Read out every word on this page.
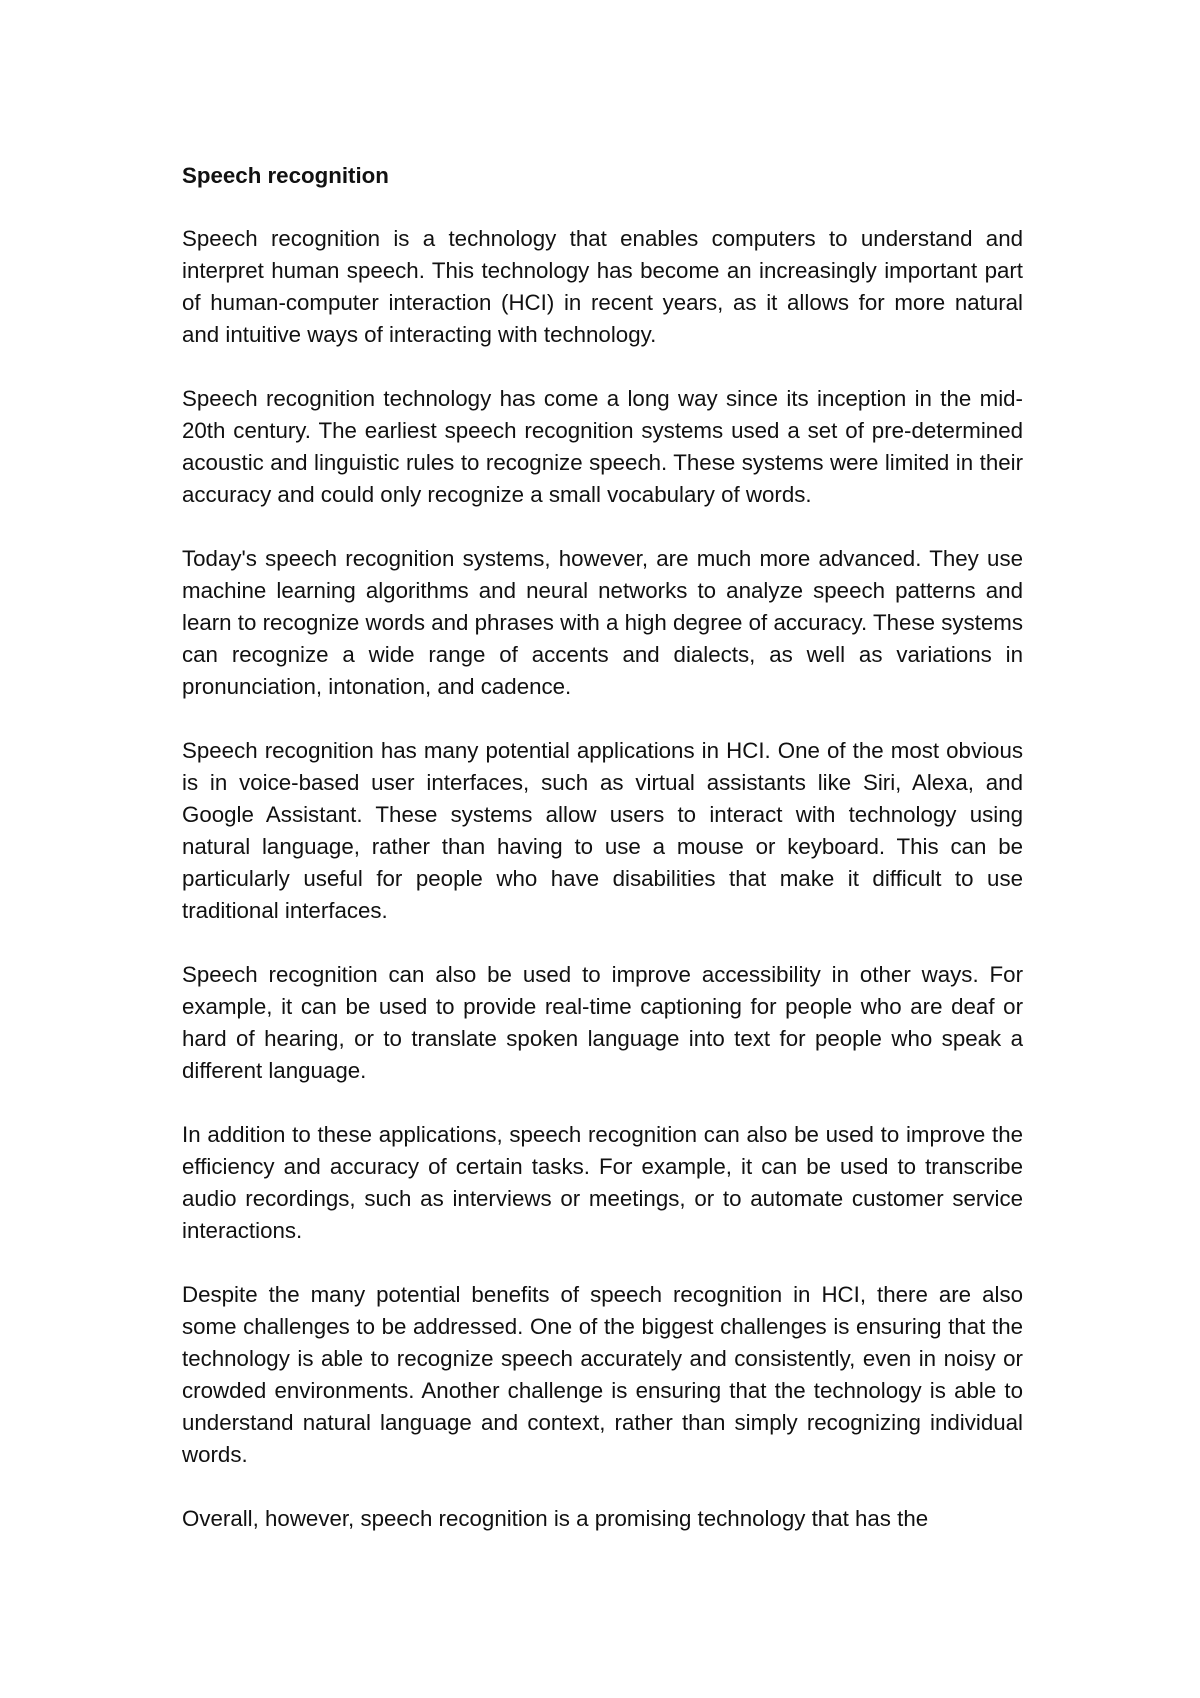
Speech recognition

Speech recognition is a technology that enables computers to understand and interpret human speech. This technology has become an increasingly important part of human-computer interaction (HCI) in recent years, as it allows for more natural and intuitive ways of interacting with technology.

Speech recognition technology has come a long way since its inception in the mid-20th century. The earliest speech recognition systems used a set of pre-determined acoustic and linguistic rules to recognize speech. These systems were limited in their accuracy and could only recognize a small vocabulary of words.

Today's speech recognition systems, however, are much more advanced. They use machine learning algorithms and neural networks to analyze speech patterns and learn to recognize words and phrases with a high degree of accuracy. These systems can recognize a wide range of accents and dialects, as well as variations in pronunciation, intonation, and cadence.

Speech recognition has many potential applications in HCI. One of the most obvious is in voice-based user interfaces, such as virtual assistants like Siri, Alexa, and Google Assistant. These systems allow users to interact with technology using natural language, rather than having to use a mouse or keyboard. This can be particularly useful for people who have disabilities that make it difficult to use traditional interfaces.

Speech recognition can also be used to improve accessibility in other ways. For example, it can be used to provide real-time captioning for people who are deaf or hard of hearing, or to translate spoken language into text for people who speak a different language.

In addition to these applications, speech recognition can also be used to improve the efficiency and accuracy of certain tasks. For example, it can be used to transcribe audio recordings, such as interviews or meetings, or to automate customer service interactions.

Despite the many potential benefits of speech recognition in HCI, there are also some challenges to be addressed. One of the biggest challenges is ensuring that the technology is able to recognize speech accurately and consistently, even in noisy or crowded environments. Another challenge is ensuring that the technology is able to understand natural language and context, rather than simply recognizing individual words.

Overall, however, speech recognition is a promising technology that has the
